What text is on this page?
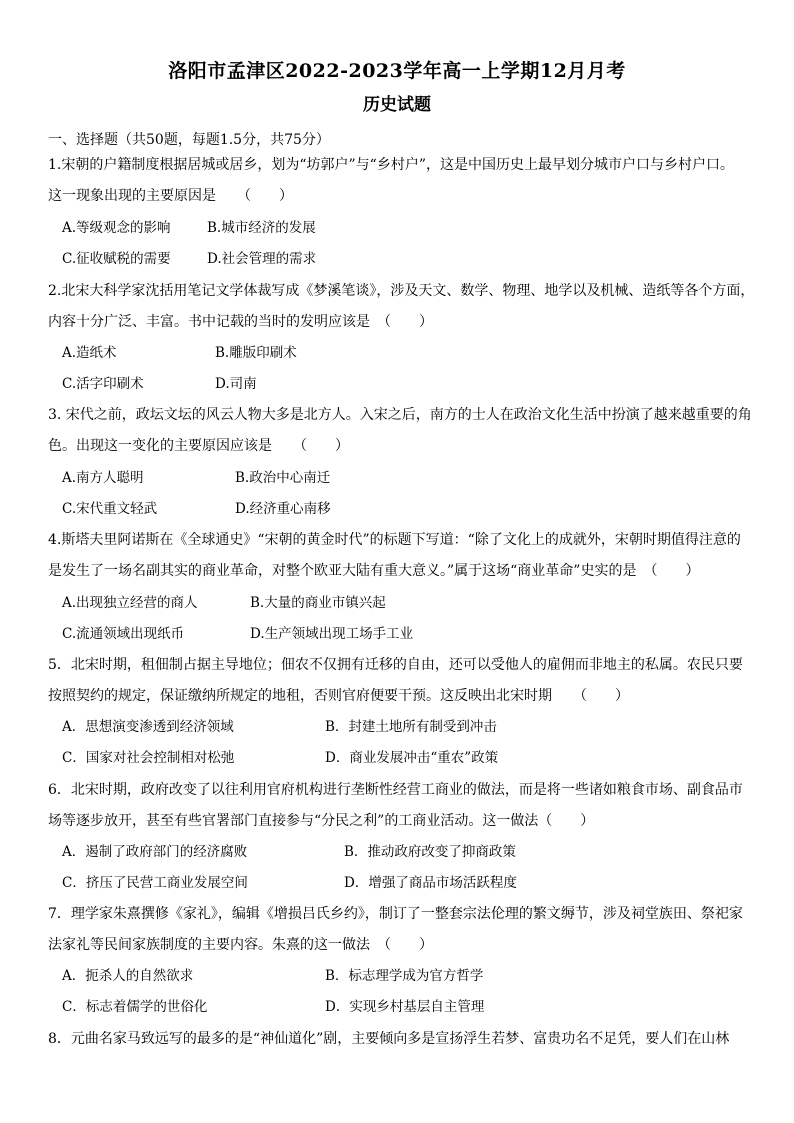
洛阳市孟津区2022-2023学年高一上学期12月月考
历史试题
一、选择题（共50题，每题1.5分，共75分）
1.宋朝的户籍制度根据居城或居乡，划为“坊郭户”与“乡村户”，这是中国历史上最早划分城市户口与乡村户口。
这一现象出现的主要原因是　　（　　）
A.等级观念的影响	B.城市经济的发展
C.征收赋税的需要	D.社会管理的需求
2.北宋大科学家沈括用笔记文学体裁写成《梦溪笔谈》，涉及天文、数学、物理、地学以及机械、造纸等各个方面，
内容十分广泛、丰富。书中记载的当时的发明应该是　（　　）
A.造纸术	B.雕版印刷术
C.活字印刷术	D.司南
3. 宋代之前，政坛文坛的风云人物大多是北方人。入宋之后，南方的士人在政治文化生活中扮演了越来越重要的角
色。出现这一变化的主要原因应该是　　（　　）
A.南方人聪明	B.政治中心南迁
C.宋代重文轻武	D.经济重心南移
4.斯塔夫里阿诺斯在《全球通史》“宋朝的黄金时代”的标题下写道：“除了文化上的成就外，宋朝时期值得注意的
是发生了一场名副其实的商业革命，对整个欧亚大陆有重大意义。”属于这场“商业革命”史实的是　（　　）
A.出现独立经营的商人	B.大量的商业市镇兴起
C.流通领域出现纸币	D.生产领域出现工场手工业
5．北宋时期，租佃制占据主导地位；佃农不仅拥有迁移的自由，还可以受他人的雇佣而非地主的私属。农民只要
按照契约的规定，保证缴纳所规定的地租，否则官府便要干预。这反映出北宋时期　　（　　）
A．思想演变渗透到经济领域	B．封建土地所有制受到冲击
C．国家对社会控制相对松弛	D．商业发展冲击“重农”政策
6．北宋时期，政府改变了以往利用官府机构进行垄断性经营工商业的做法，而是将一些诸如粮食市场、副食品市
场等逐步放开，甚至有些官署部门直接参与“分民之利”的工商业活动。这一做法（　　）
A．遏制了政府部门的经济腐败	B．推动政府改变了抑商政策
C．挤压了民营工商业发展空间	D．增强了商品市场活跃程度
7．理学家朱熹撰修《家礼》，编辑《增损吕氏乡约》，制订了一整套宗法伦理的繁文缛节，涉及祠堂族田、祭祀家
法家礼等民间家族制度的主要内容。朱熹的这一做法　（　　）
A．扼杀人的自然欲求	B．标志理学成为官方哲学
C．标志着儒学的世俗化	D．实现乡村基层自主管理
8．元曲名家马致远写的最多的是“神仙道化”剧，主要倾向多是宣扬浮生若梦、富贵功名不足凭，要人们在山林
